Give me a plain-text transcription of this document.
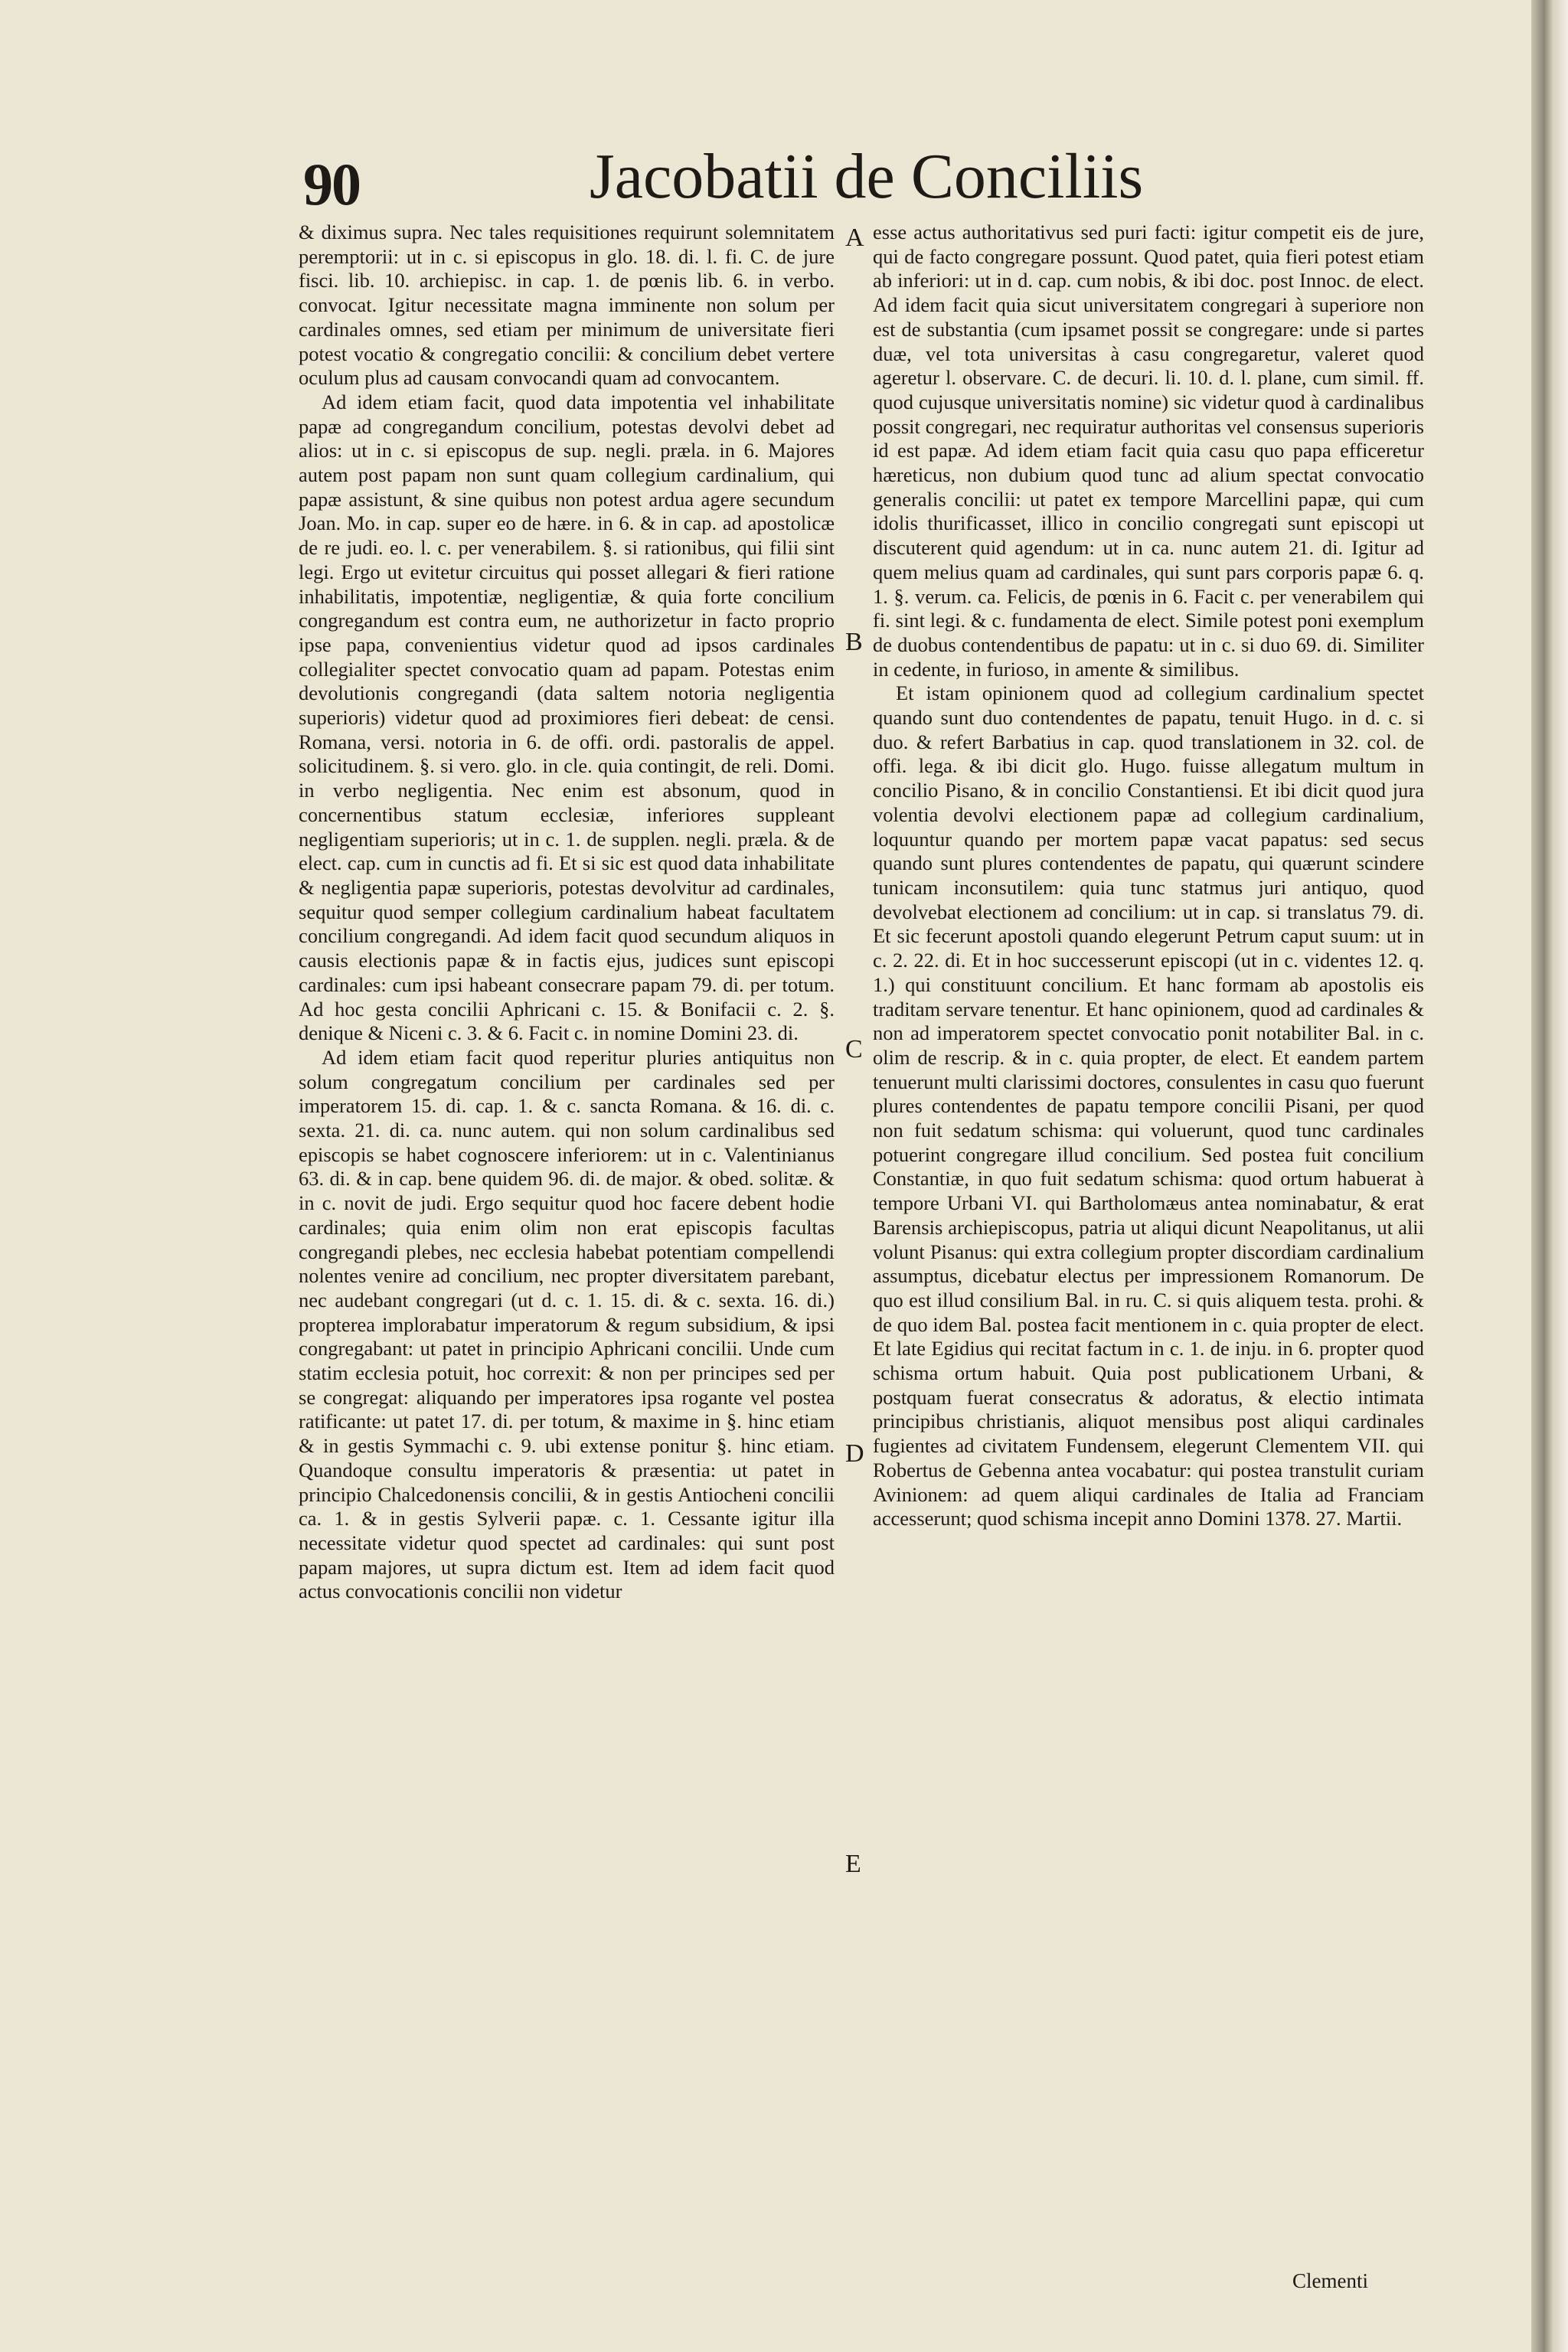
90	Jacobatii de Conciliis

& diximus supra. Nec tales requisitiones requirunt solemnitatem peremptorii: ut in c. si episcopus in glo. 18. di. l. fi. C. de jure fisci. lib. 10. archiepisc. in cap. 1. de pœnis lib. 6. in verbo. convocat. Igitur necessitate magna imminente non solum per cardinales omnes, sed etiam per minimum de universitate fieri potest vocatio & congregatio concilii: & concilium debet vertere oculum plus ad causam convocandi quam ad convocantem.

Ad idem etiam facit, quod data impotentia vel inhabilitate papæ ad congregandum concilium, potestas devolvi debet ad alios: ut in c. si episcopus de sup. negli. præla. in 6. Majores autem post papam non sunt quam collegium cardinalium, qui papæ assistunt, & sine quibus non potest ardua agere secundum Joan. Mo. in cap. super eo de hære. in 6. & in cap. ad apostolicæ de re judi. eo. l. c. per venerabilem. §. si rationibus, qui filii sint legi. Ergo ut evitetur circuitus qui posset allegari & fieri ratione inhabilitatis, impotentiæ, negligentiæ, & quia forte concilium congregandum est contra eum, ne authorizetur in facto proprio ipse papa, convenientius videtur quod ad ipsos cardinales collegialiter spectet convocatio quam ad papam. Potestas enim devolutionis congregandi (data saltem notoria negligentia superioris) videtur quod ad proximiores fieri debeat: de censi. Romana, versi. notoria in 6. de offi. ordi. pastoralis de appel. solicitudinem. §. si vero. glo. in cle. quia contingit, de reli. Domi. in verbo negligentia. Nec enim est absonum, quod in concernentibus statum ecclesiæ, inferiores suppleant negligentiam superioris; ut in c. 1. de supplen. negli. præla. & de elect. cap. cum in cunctis ad fi. Et si sic est quod data inhabilitate & negligentia papæ superioris, potestas devolvitur ad cardinales, sequitur quod semper collegium cardinalium habeat facultatem concilium congregandi. Ad idem facit quod secundum aliquos in causis electionis papæ & in factis ejus, judices sunt episcopi cardinales: cum ipsi habeant consecrare papam 79. di. per totum. Ad hoc gesta concilii Aphricani c. 15. & Bonifacii c. 2. §. denique & Niceni c. 3. & 6. Facit c. in nomine Domini 23. di.

Ad idem etiam facit quod reperitur pluries antiquitus non solum congregatum concilium per cardinales sed per imperatorem 15. di. cap. 1. & c. sancta Romana. & 16. di. c. sexta. 21. di. ca. nunc autem. qui non solum cardinalibus sed episcopis se habet cognoscere inferiorem: ut in c. Valentinianus 63. di. & in cap. bene quidem 96. di. de major. & obed. solitæ. & in c. novit de judi. Ergo sequitur quod hoc facere debent hodie cardinales; quia enim olim non erat episcopis facultas congregandi plebes, nec ecclesia habebat potentiam compellendi nolentes venire ad concilium, nec propter diversitatem parebant, nec audebant congregari (ut d. c. 1. 15. di. & c. sexta. 16. di.) propterea implorabatur imperatorum & regum subsidium, & ipsi congregabant: ut patet in principio Aphricani concilii. Unde cum statim ecclesia potuit, hoc correxit: & non per principes sed per se congregat: aliquando per imperatores ipsa rogante vel postea ratificante: ut patet 17. di. per totum, & maxime in §. hinc etiam & in gestis Symmachi c. 9. ubi extense ponitur §. hinc etiam. Quandoque consultu imperatoris & præsentia: ut patet in principio Chalcedonensis concilii, & in gestis Antiocheni concilii ca. 1. & in gestis Sylverii papæ. c. 1. Cessante igitur illa necessitate videtur quod spectet ad cardinales: qui sunt post papam majores, ut supra dictum est. Item ad idem facit quod actus convocationis concilii non videtur

A
B
C
D
E

esse actus authoritativus sed puri facti: igitur competit eis de jure, qui de facto congregare possunt. Quod patet, quia fieri potest etiam ab inferiori: ut in d. cap. cum nobis, & ibi doc. post Innoc. de elect. Ad idem facit quia sicut universitatem congregari à superiore non est de substantia (cum ipsamet possit se congregare: unde si partes duæ, vel tota universitas à casu congregaretur, valeret quod ageretur l. observare. C. de decuri. li. 10. d. l. plane, cum simil. ff. quod cujusque universitatis nomine) sic videtur quod à cardinalibus possit congregari, nec requiratur authoritas vel consensus superioris id est papæ. Ad idem etiam facit quia casu quo papa efficeretur hæreticus, non dubium quod tunc ad alium spectat convocatio generalis concilii: ut patet ex tempore Marcellini papæ, qui cum idolis thurificasset, illico in concilio congregati sunt episcopi ut discuterent quid agendum: ut in ca. nunc autem 21. di. Igitur ad quem melius quam ad cardinales, qui sunt pars corporis papæ 6. q. 1. §. verum. ca. Felicis, de pœnis in 6. Facit c. per venerabilem qui fi. sint legi. & c. fundamenta de elect. Simile potest poni exemplum de duobus contendentibus de papatu: ut in c. si duo 69. di. Similiter in cedente, in furioso, in amente & similibus.

Et istam opinionem quod ad collegium cardinalium spectet quando sunt duo contendentes de papatu, tenuit Hugo. in d. c. si duo. & refert Barbatius in cap. quod translationem in 32. col. de offi. lega. & ibi dicit glo. Hugo. fuisse allegatum multum in concilio Pisano, & in concilio Constantiensi. Et ibi dicit quod jura volentia devolvi electionem papæ ad collegium cardinalium, loquuntur quando per mortem papæ vacat papatus: sed secus quando sunt plures contendentes de papatu, qui quærunt scindere tunicam inconsutilem: quia tunc statmus juri antiquo, quod devolvebat electionem ad concilium: ut in cap. si translatus 79. di. Et sic fecerunt apostoli quando elegerunt Petrum caput suum: ut in c. 2. 22. di. Et in hoc successerunt episcopi (ut in c. videntes 12. q. 1.) qui constituunt concilium. Et hanc formam ab apostolis eis traditam servare tenentur. Et hanc opinionem, quod ad cardinales & non ad imperatorem spectet convocatio ponit notabiliter Bal. in c. olim de rescrip. & in c. quia propter, de elect. Et eandem partem tenuerunt multi clarissimi doctores, consulentes in casu quo fuerunt plures contendentes de papatu tempore concilii Pisani, per quod non fuit sedatum schisma: qui voluerunt, quod tunc cardinales potuerint congregare illud concilium. Sed postea fuit concilium Constantiæ, in quo fuit sedatum schisma: quod ortum habuerat à tempore Urbani VI. qui Bartholomæus antea nominabatur, & erat Barensis archiepiscopus, patria ut aliqui dicunt Neapolitanus, ut alii volunt Pisanus: qui extra collegium propter discordiam cardinalium assumptus, dicebatur electus per impressionem Romanorum. De quo est illud consilium Bal. in ru. C. si quis aliquem testa. prohi. & de quo idem Bal. postea facit mentionem in c. quia propter de elect. Et late Egidius qui recitat factum in c. 1. de inju. in 6. propter quod schisma ortum habuit. Quia post publicationem Urbani, & postquam fuerat consecratus & adoratus, & electio intimata principibus christianis, aliquot mensibus post aliqui cardinales fugientes ad civitatem Fundensem, elegerunt Clementem VII. qui Robertus de Gebenna antea vocabatur: qui postea transtulit curiam Avinionem: ad quem aliqui cardinales de Italia ad Franciam accesserunt; quod schisma incepit anno Domini 1378. 27. Martii.

Clementi
